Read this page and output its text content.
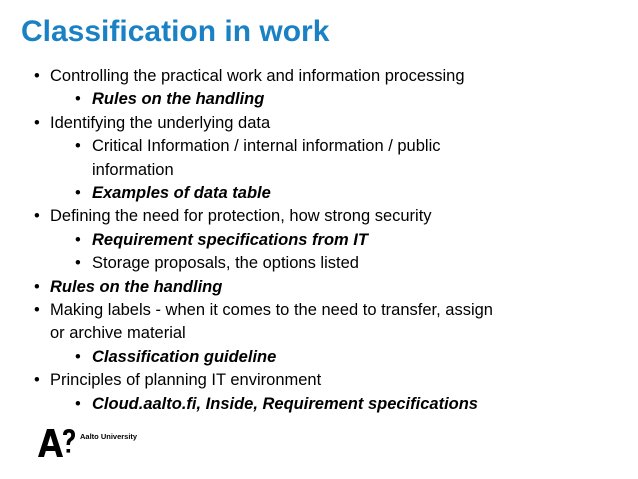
Classification in work
• Controlling the practical work and information processing
• Rules on the handling
• Identifying the underlying data
• Critical Information / internal information / public
information
• Examples of data table
• Defining the need for protection, how strong security
• Requirement specifications from IT
• Storage proposals, the options listed
• Rules on the handling
• Making labels - when it comes to the need to transfer, assign
or archive material
• Classification guideline
• Principles of planning IT environment
• Cloud.aalto.fi, Inside, Requirement specifications
Aalto University
